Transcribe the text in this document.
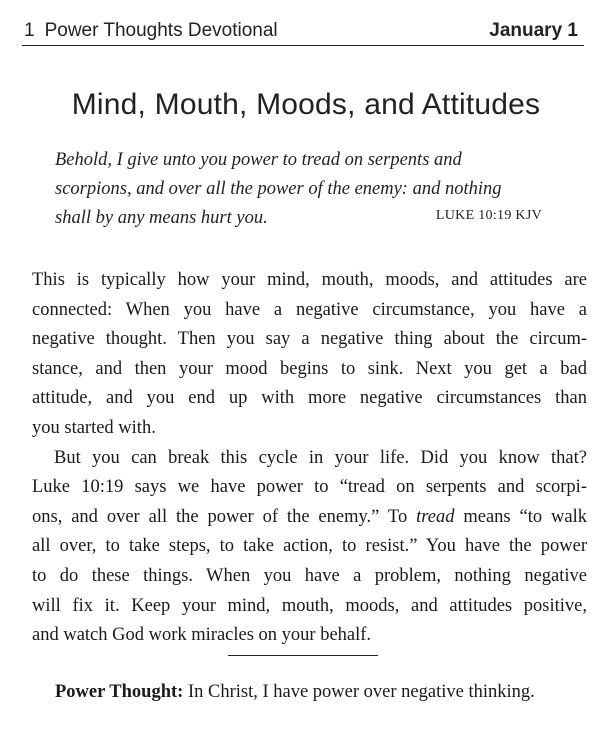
1 Power Thoughts Devotional	January 1
Mind, Mouth, Moods, and Attitudes
Behold, I give unto you power to tread on serpents and
scorpions, and over all the power of the enemy: and nothing
shall by any means hurt you.	LUKE 10:19 KJV
This is typically how your mind, mouth, moods, and attitudes are
connected: When you have a negative circumstance, you have a
negative thought. Then you say a negative thing about the circum-
stance, and then your mood begins to sink. Next you get a bad
attitude, and you end up with more negative circumstances than
you started with.
But you can break this cycle in your life. Did you know that?
Luke 10:19 says we have power to “tread on serpents and scorpi-
ons, and over all the power of the enemy.” To tread means “to walk
all over, to take steps, to take action, to resist.” You have the power
to do these things. When you have a problem, nothing negative
will fix it. Keep your mind, mouth, moods, and attitudes positive,
and watch God work miracles on your behalf.
Power Thought: In Christ, I have power over negative thinking.
